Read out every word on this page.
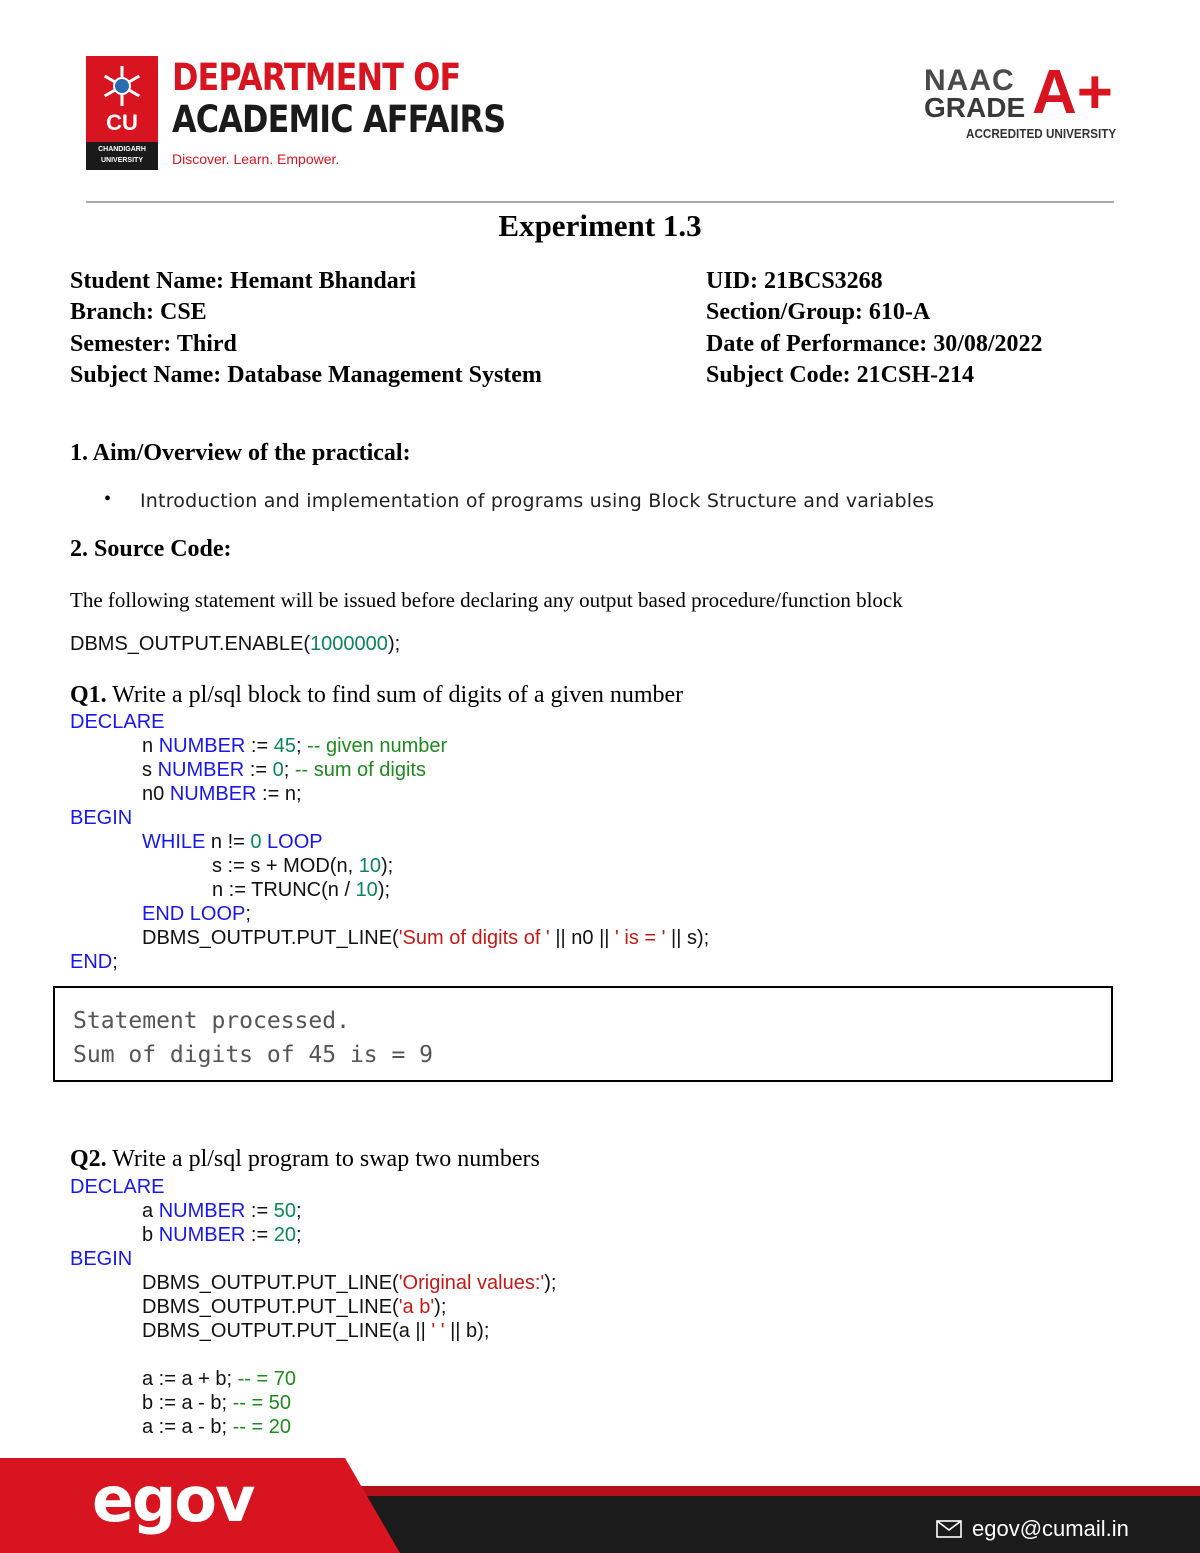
CU
CHANDIGARH UNIVERSITY
DEPARTMENT OF
ACADEMIC AFFAIRS
Discover. Learn. Empower.
NAAC
GRADE A+
ACCREDITED UNIVERSITY
Experiment 1.3
Student Name: Hemant Bhandari	UID: 21BCS3268
Branch: CSE	Section/Group: 610-A
Semester: Third	Date of Performance: 30/08/2022
Subject Name: Database Management System	Subject Code: 21CSH-214
1. Aim/Overview of the practical:
• Introduction and implementation of programs using Block Structure and variables
2. Source Code:
The following statement will be issued before declaring any output based procedure/function block
DBMS_OUTPUT.ENABLE(1000000);
Q1. Write a pl/sql block to find sum of digits of a given number
DECLARE
n NUMBER := 45; -- given number
s NUMBER := 0; -- sum of digits
n0 NUMBER := n;
BEGIN
WHILE n != 0 LOOP
s := s + MOD(n, 10);
n := TRUNC(n / 10);
END LOOP;
DBMS_OUTPUT.PUT_LINE('Sum of digits of ' || n0 || ' is = ' || s);
END;
Statement processed.
Sum of digits of 45 is = 9
Q2. Write a pl/sql program to swap two numbers
DECLARE
a NUMBER := 50;
b NUMBER := 20;
BEGIN
DBMS_OUTPUT.PUT_LINE('Original values:');
DBMS_OUTPUT.PUT_LINE('a b');
DBMS_OUTPUT.PUT_LINE(a || ' ' || b);
a := a + b; -- = 70
b := a - b; -- = 50
a := a - b; -- = 20
egov	egov@cumail.in
